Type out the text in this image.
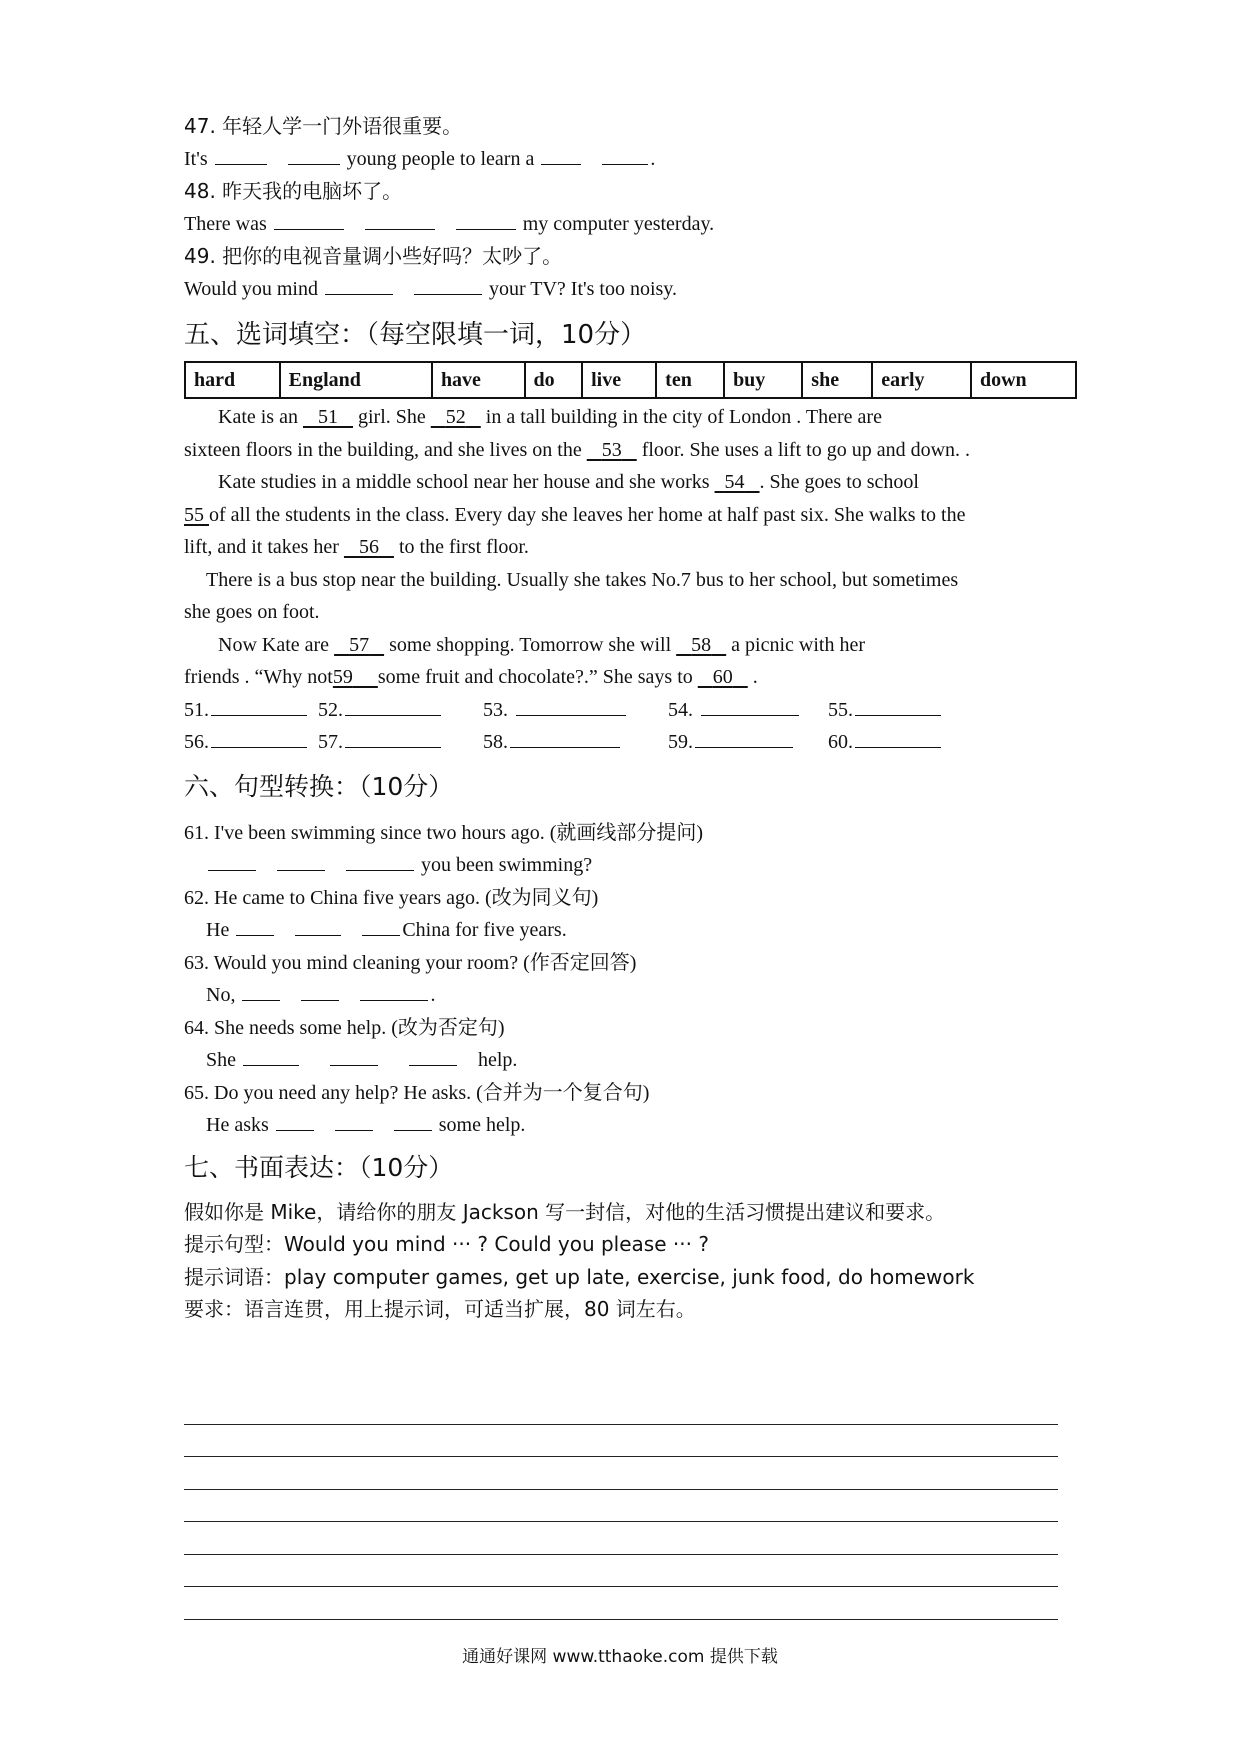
47. 年轻人学一门外语很重要。
It's	young people to learn a	.
48. 昨天我的电脑坏了。
There was	my computer yesterday.
49. 把你的电视音量调小些好吗？太吵了。
Would you mind	your TV? It's too noisy.
五、选词填空：（每空限填一词，10分）
hard	England	have	do	live	ten	buy	she	early	down
Kate is an 51 girl. She 52 in a tall building in the city of London . There are
sixteen floors in the building, and she lives on the 53 floor. She uses a lift to go up and down. .
Kate studies in a middle school near her house and she works 54 . She goes to school
55 of all the students in the class. Every day she leaves her home at half past six. She walks to the
lift, and it takes her 56 to the first floor.
There is a bus stop near the building. Usually she takes No.7 bus to her school, but sometimes
she goes on foot.
Now Kate are 57 some shopping. Tomorrow she will 58 a picnic with her
friends . “Why not59 some fruit and chocolate?.” She says to 60 .
51.	52.	53.	54.	55.
56.	57.	58.	59.	60.
六、句型转换：（10分）
61. I've been swimming since two hours ago. (就画线部分提问)
you been swimming?
62. He came to China five years ago. (改为同义句)
He	China for five years.
63. Would you mind cleaning your room? (作否定回答)
No,	.
64. She needs some help. (改为否定句)
She	help.
65. Do you need any help? He asks. (合并为一个复合句)
He asks	some help.
七、书面表达：（10分）
假如你是 Mike，请给你的朋友 Jackson 写一封信，对他的生活习惯提出建议和要求。
提示句型：Would you mind ··· ? Could you please ··· ?
提示词语：play computer games, get up late, exercise, junk food, do homework
要求：语言连贯，用上提示词，可适当扩展，80 词左右。
通通好课网 www.tthaoke.com 提供下载
